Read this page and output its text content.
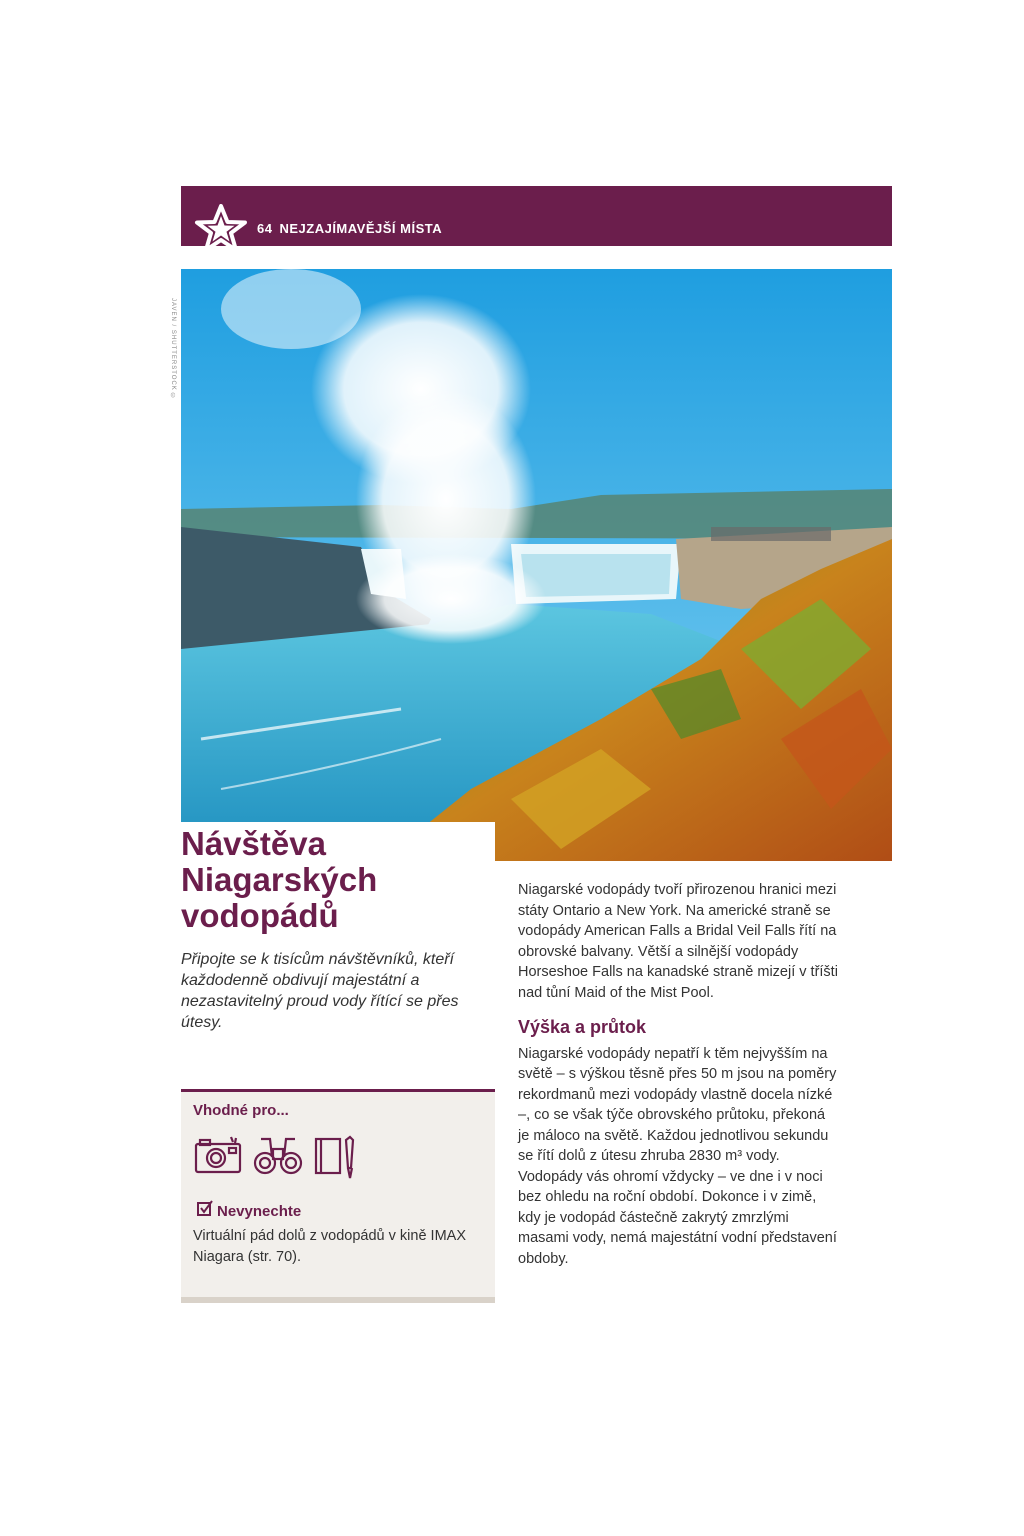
64 NEJZAJÍMAVĚJŠÍ MÍSTA
JAVEN / SHUTTERSTOCK ©
Návštěva
Niagarských
vodopádů

Připojte se k tisícům návštěvníků, kteří každodenně obdivují majestátní a nezastavitelný proud vody řítící se přes útesy.

Niagarské vodopády tvoří přirozenou hranici mezi státy Ontario a New York. Na americké straně se vodopády American Falls a Bridal Veil Falls řítí na obrovské balvany. Větší a silnější vodopády Horseshoe Falls na kanadské straně mizejí v tříšti nad tůní Maid of the Mist Pool.

Výška a průtok

Niagarské vodopády nepatří k těm nejvyšším na světě – s výškou těsně přes 50 m jsou na poměry rekordmanů mezi vodopády vlastně docela nízké –, co se však týče obrovského průtoku, překoná je máloco na světě. Každou jednotlivou sekundu se řítí dolů z útesu zhruba 2830 m³ vody. Vodopády vás ohromí vždycky – ve dne i v noci bez ohledu na roční období. Dokonce i v zimě, kdy je vodopád částečně zakrytý zmrzlými masami vody, nemá majestátní vodní představení obdoby.

Vhodné pro...
Nevynechte

Virtuální pád dolů z vodopádů v kině IMAX Niagara (str. 70).
